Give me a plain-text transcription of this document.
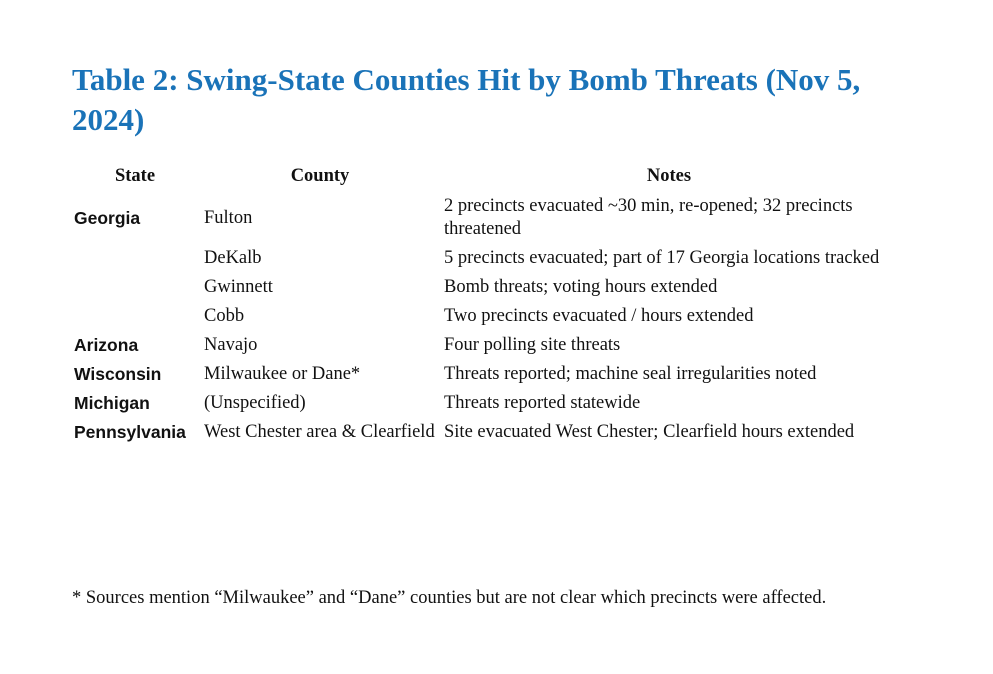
Table 2: Swing-State Counties Hit by Bomb Threats (Nov 5, 2024)
State	County	Notes
Georgia	Fulton	2 precincts evacuated ~30 min, re-opened; 32 precincts threatened
	DeKalb	5 precincts evacuated; part of 17 Georgia locations tracked
	Gwinnett	Bomb threats; voting hours extended
	Cobb	Two precincts evacuated / hours extended
Arizona	Navajo	Four polling site threats
Wisconsin	Milwaukee or Dane*	Threats reported; machine seal irregularities noted
Michigan	(Unspecified)	Threats reported statewide
Pennsylvania	West Chester area & Clearfield	Site evacuated West Chester; Clearfield hours extended

* Sources mention “Milwaukee” and “Dane” counties but are not clear which precincts were affected.
